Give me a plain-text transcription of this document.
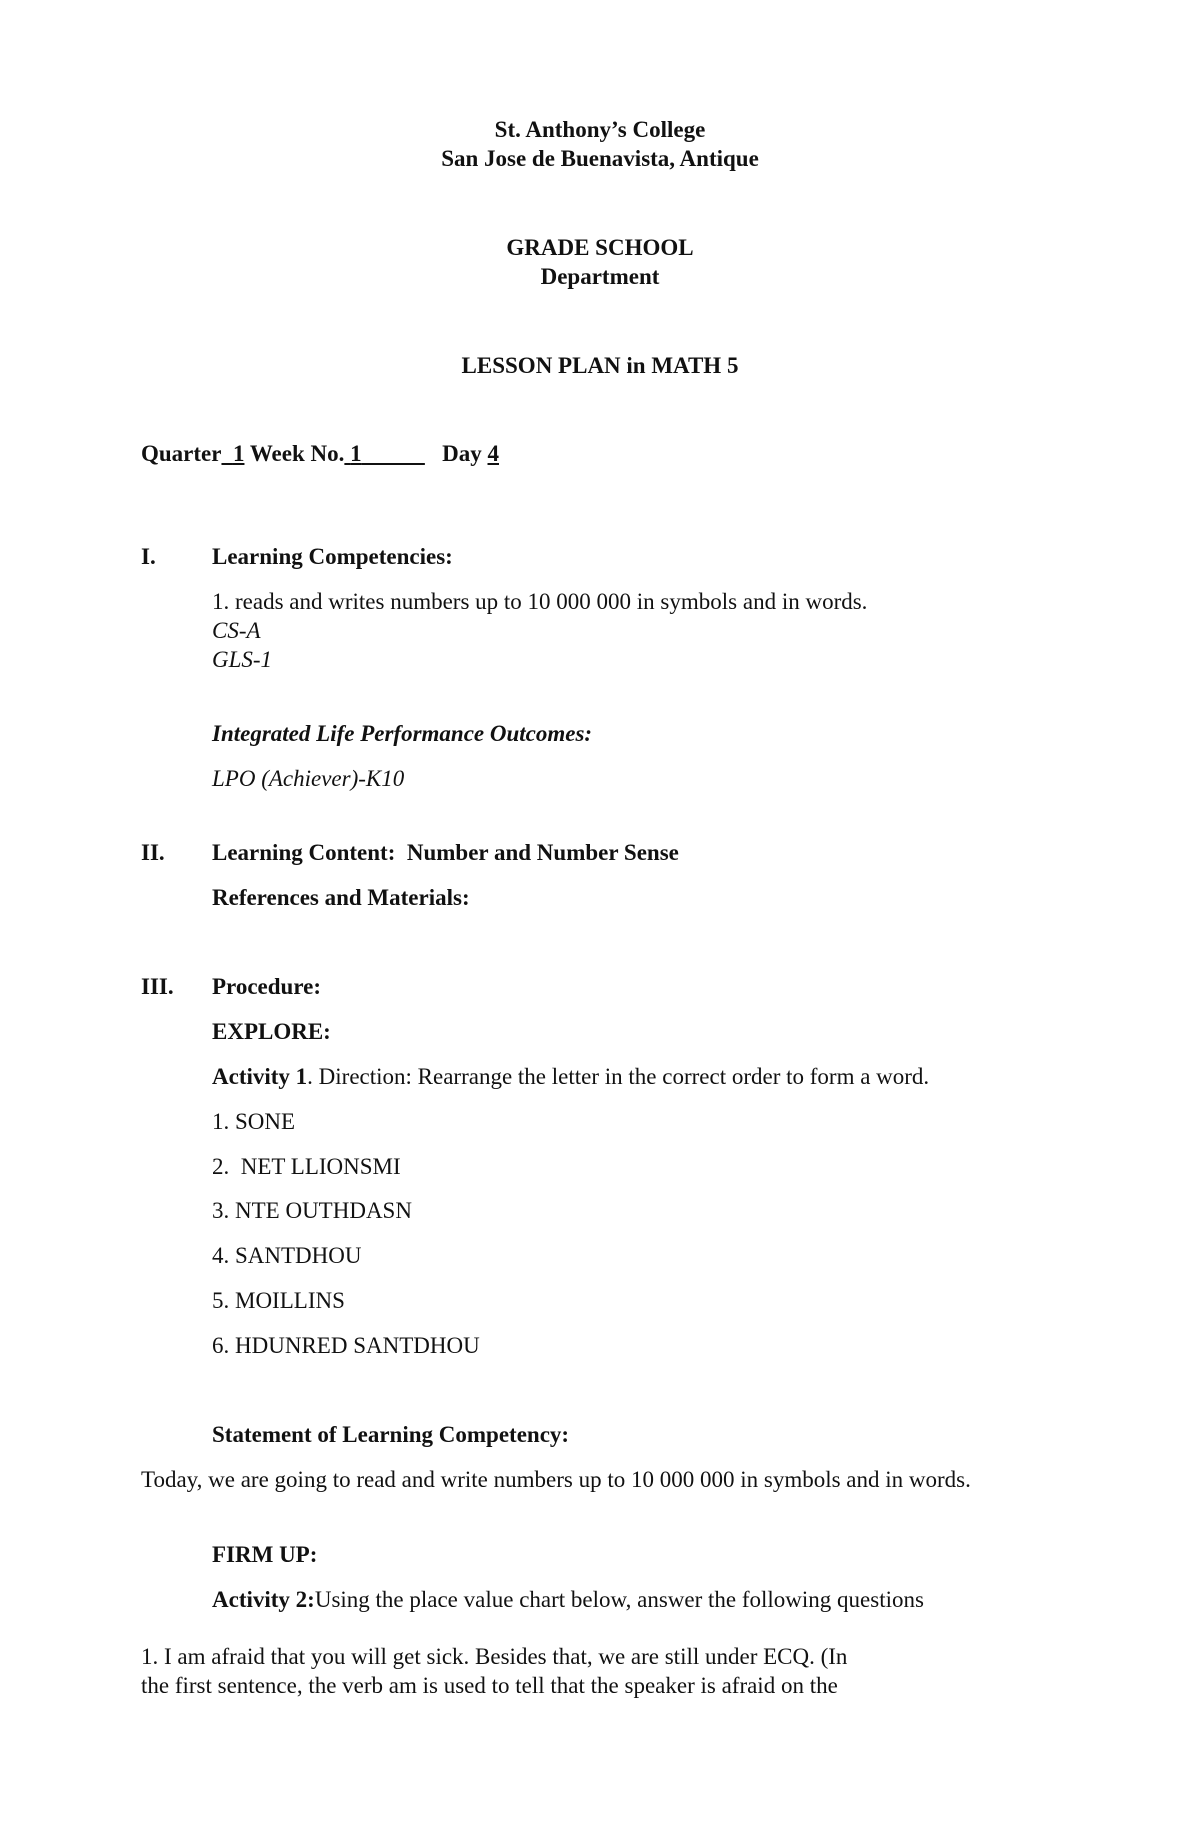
St. Anthony’s College
San Jose de Buenavista, Antique
GRADE SCHOOL
Department
LESSON PLAN in MATH 5
Quarter 1 Week No. 1	Day 4
I. Learning Competencies:
1. reads and writes numbers up to 10 000 000 in symbols and in words.
CS-A
GLS-1
Integrated Life Performance Outcomes:
LPO (Achiever)-K10
II. Learning Content: Number and Number Sense
References and Materials:
III. Procedure:
EXPLORE:
Activity 1. Direction: Rearrange the letter in the correct order to form a word.
1. SONE
2.  NET LLIONSMI
3. NTE OUTHDASN
4. SANTDHOU
5. MOILLINS
6. HDUNRED SANTDHOU
Statement of Learning Competency:
Today, we are going to read and write numbers up to 10 000 000 in symbols and in words.
FIRM UP:
Activity 2:Using the place value chart below, answer the following questions
1. I am afraid that you will get sick. Besides that, we are still under ECQ. (In
the first sentence, the verb am is used to tell that the speaker is afraid on the
